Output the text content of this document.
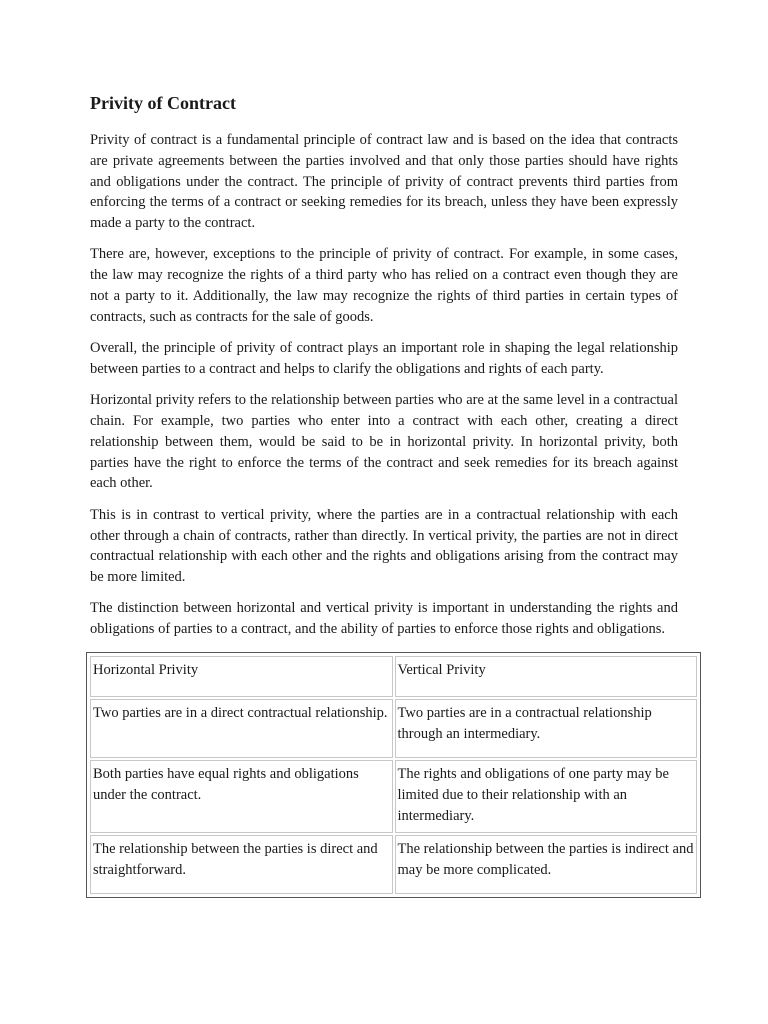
Privity of Contract

Privity of contract is a fundamental principle of contract law and is based on the idea that contracts are private agreements between the parties involved and that only those parties should have rights and obligations under the contract. The principle of privity of contract prevents third parties from enforcing the terms of a contract or seeking remedies for its breach, unless they have been expressly made a party to the contract.

There are, however, exceptions to the principle of privity of contract. For example, in some cases, the law may recognize the rights of a third party who has relied on a contract even though they are not a party to it. Additionally, the law may recognize the rights of third parties in certain types of contracts, such as contracts for the sale of goods.

Overall, the principle of privity of contract plays an important role in shaping the legal relationship between parties to a contract and helps to clarify the obligations and rights of each party.

Horizontal privity refers to the relationship between parties who are at the same level in a contractual chain. For example, two parties who enter into a contract with each other, creating a direct relationship between them, would be said to be in horizontal privity. In horizontal privity, both parties have the right to enforce the terms of the contract and seek remedies for its breach against each other.

This is in contrast to vertical privity, where the parties are in a contractual relationship with each other through a chain of contracts, rather than directly. In vertical privity, the parties are not in direct contractual relationship with each other and the rights and obligations arising from the contract may be more limited.

The distinction between horizontal and vertical privity is important in understanding the rights and obligations of parties to a contract, and the ability of parties to enforce those rights and obligations.

Horizontal Privity	Vertical Privity
Two parties are in a direct contractual relationship.	Two parties are in a contractual relationship through an intermediary.
Both parties have equal rights and obligations under the contract.	The rights and obligations of one party may be limited due to their relationship with an intermediary.
The relationship between the parties is direct and straightforward.	The relationship between the parties is indirect and may be more complicated.
